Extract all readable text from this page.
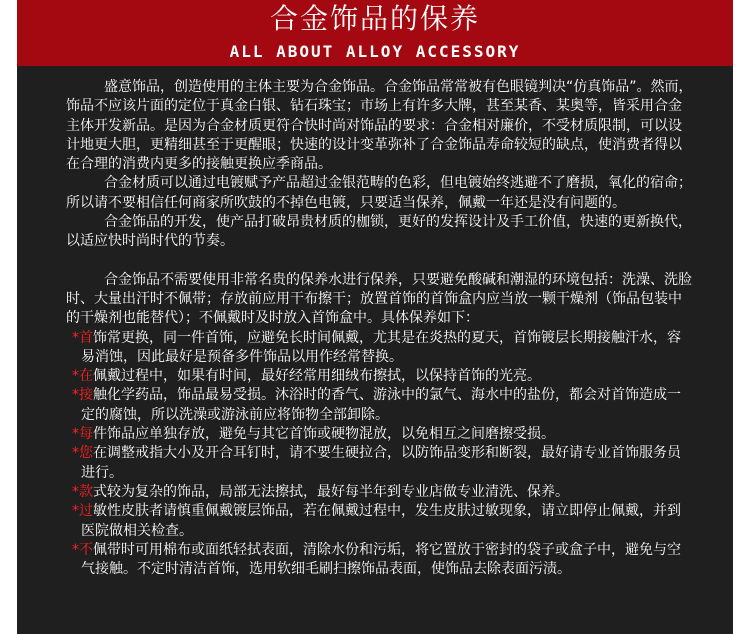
合金饰品的保养
ALL ABOUT ALLOY ACCESSORY

盛意饰品，创造使用的主体主要为合金饰品。合金饰品常常被有色眼镜判决“仿真饰品”。然而，饰品不应该片面的定位于真金白银、钻石珠宝；市场上有许多大牌，甚至某香、某奥等，皆采用合金主体开发新品。是因为合金材质更符合快时尚对饰品的要求：合金相对廉价，不受材质限制，可以设计地更大胆，更精细甚至于更醒眼；快速的设计变革弥补了合金饰品寿命较短的缺点，使消费者得以在合理的消费内更多的接触更换应季商品。

合金材质可以通过电镀赋予产品超过金银范畴的色彩，但电镀始终逃避不了磨损，氧化的宿命；所以请不要相信任何商家所吹鼓的不掉色电镀，只要适当保养，佩戴一年还是没有问题的。

合金饰品的开发，使产品打破昂贵材质的枷锁，更好的发挥设计及手工价值，快速的更新换代，以适应快时尚时代的节奏。

合金饰品不需要使用非常名贵的保养水进行保养，只要避免酸碱和潮湿的环境包括：洗澡、洗脸时、大量出汗时不佩带；存放前应用干布擦干；放置首饰的首饰盒内应当放一颗干燥剂（饰品包装中的干燥剂也能替代）；不佩戴时及时放入首饰盒中。具体保养如下：

*首饰常更换，同一件首饰，应避免长时间佩戴，尤其是在炎热的夏天，首饰镀层长期接触汗水，容易消蚀，因此最好是预备多件饰品以用作经常替换。

*在佩戴过程中，如果有时间，最好经常用细绒布擦拭，以保持首饰的光亮。

*接触化学药品，饰品最易受损。沐浴时的香气、游泳中的氯气、海水中的盐份，都会对首饰造成一定的腐蚀，所以洗澡或游泳前应将饰物全部卸除。

*每件饰品应单独存放，避免与其它首饰或硬物混放，以免相互之间磨擦受损。

*您在调整戒指大小及开合耳钉时，请不要生硬拉合，以防饰品变形和断裂，最好请专业首饰服务员进行。

*款式较为复杂的饰品，局部无法擦拭，最好每半年到专业店做专业清洗、保养。

*过敏性皮肤者请慎重佩戴镀层饰品，若在佩戴过程中，发生皮肤过敏现象，请立即停止佩戴，并到医院做相关检查。

*不佩带时可用棉布或面纸轻拭表面，清除水份和污垢，将它置放于密封的袋子或盒子中，避免与空气接触。不定时清洁首饰，选用软细毛刷扫擦饰品表面，使饰品去除表面污渍。
